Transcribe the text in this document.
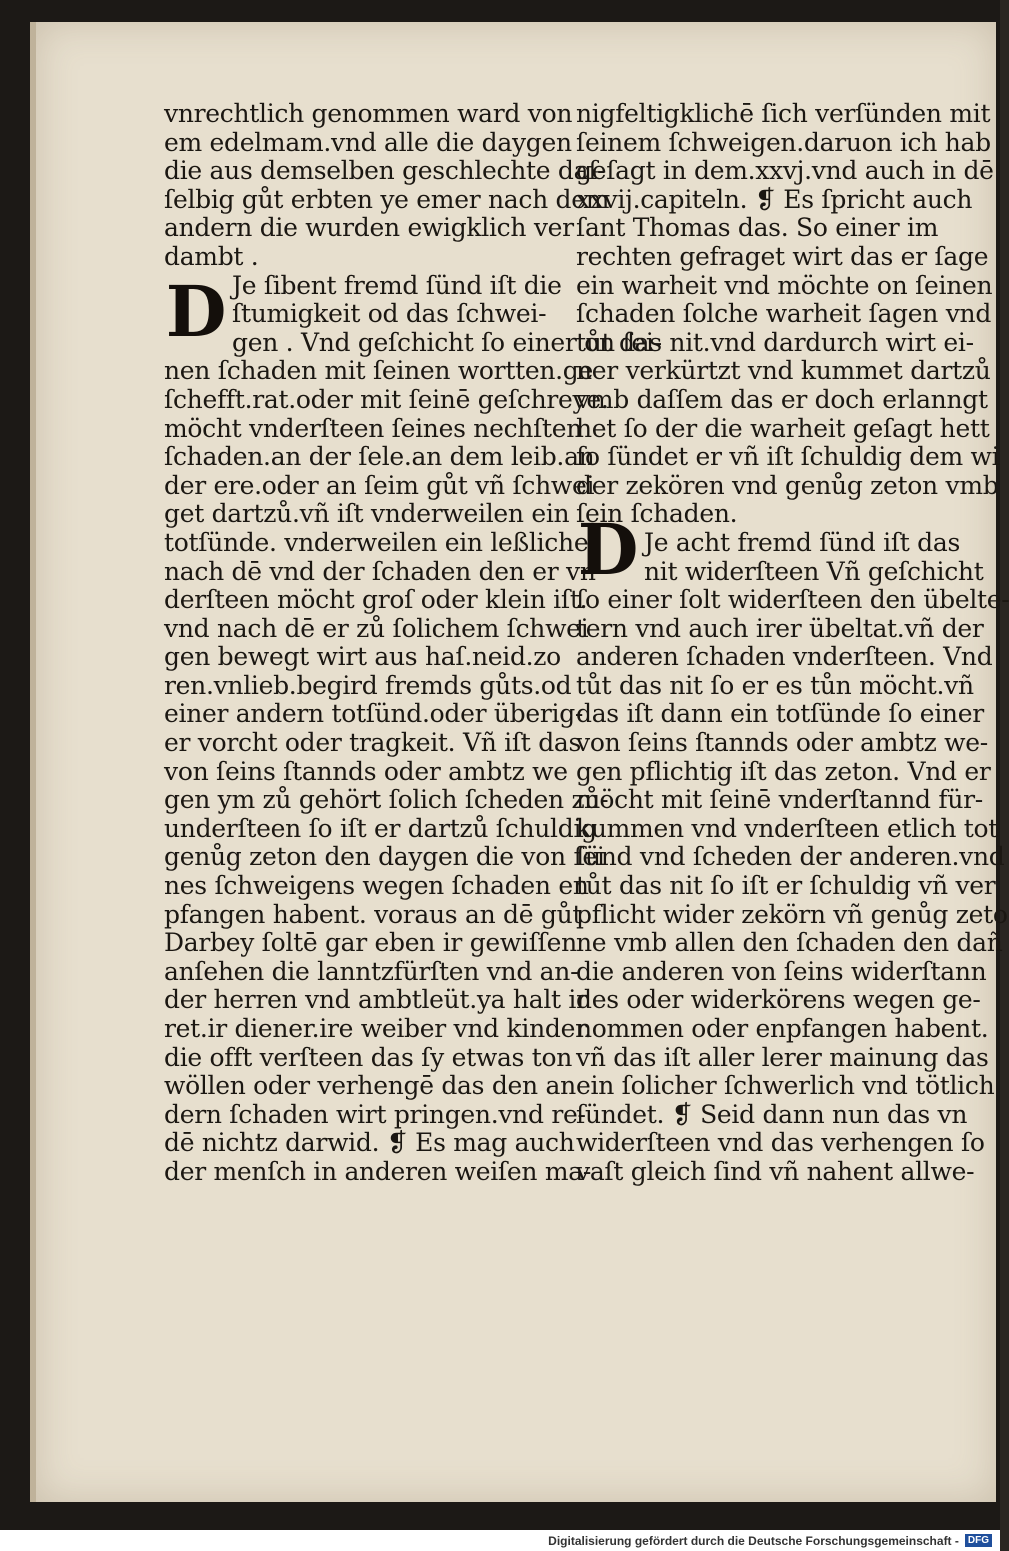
vnrechtlich genommen ward von
em edelmam.vnd alle die daygen
die aus demselben geschlechte daſ-
ſelbig gůt erbten ye emer nach dem
andern die wurden ewigklich ver
dambt .
D Je ſibent fremd ſünd iſt die
ſtumigkeit od das ſchwei-
gen . Vnd geſchicht ſo einer on ſei-
nen ſchaden mit ſeinen wortten.ge
ſchefft.rat.oder mit ſeinē geſchreye.
möcht vnderſteen ſeines nechſten
ſchaden.an der ſele.an dem leib.an
der ere.oder an ſeim gůt vñ ſchwei
get dartzů.vñ iſt vnderweilen ein
totſünde. vnderweilen ein leßliche
nach dē vnd der ſchaden den er vn
derſteen möcht groſ oder klein iſt.
vnd nach dē er zů ſolichem ſchwei
gen bewegt wirt aus haſ.neid.zo
ren.vnlieb.begird fremds gůts.od
einer andern totſünd.oder überig-
er vorcht oder tragkeit. Vñ iſt das
von ſeins ſtannds oder ambtz we
gen ym zů gehört ſolich ſcheden zů-
underſteen ſo iſt er dartzů ſchuldig
genůg zeton den daygen die von ſei
nes ſchweigens wegen ſchaden en
pfangen habent. voraus an dē gůt
Darbey ſoltē gar eben ir gewiſſen
anſehen die lanntzfürſten vnd an-
der herren vnd ambtleüt.ya halt ir
ret.ir diener.ire weiber vnd kinder.
die offt verſteen das ſy etwas ton
wöllen oder verhengē das den an
dern ſchaden wirt pringen.vnd re-
dē nichtz darwid. ❡ Es mag auch
der menſch in anderen weiſen ma-
nigfeltigklichē ſich verſünden mit
ſeinem ſchweigen.daruon ich hab
geſagt in dem.xxvj.vnd auch in dē
xxvij.capiteln. ❡ Es ſpricht auch
ſant Thomas das. So einer im
rechten gefraget wirt das er ſage
ein warheit vnd möchte on ſeinen
ſchaden ſolche warheit ſagen vnd
tůt das nit.vnd dardurch wirt ei-
ner verkürtzt vnd kummet dartzů
vmb daſſem das er doch erlanngt
het ſo der die warheit geſagt hett
ſo ſündet er vñ iſt ſchuldig dem wi
der zekören vnd genůg zeton vmb
ſein ſchaden.
D Je acht fremd ſünd iſt das
nit widerſteen Vñ geſchicht
ſo einer ſolt widerſteen den übelte-
tern vnd auch irer übeltat.vñ der
anderen ſchaden vnderſteen. Vnd
tůt das nit ſo er es tůn möcht.vñ
das iſt dann ein totſünde ſo einer
von ſeins ſtannds oder ambtz we-
gen pflichtig iſt das zeton. Vnd er
möcht mit ſeinē vnderſtannd für-
kummen vnd vnderſteen etlich tot
ſünd vnd ſcheden der anderen.vnd
tůt das nit ſo iſt er ſchuldig vñ ver
pflicht wider zekörn vñ genůg zeto
ne vmb allen den ſchaden den dañ
die anderen von ſeins widerſtann
des oder widerkörens wegen ge-
nommen oder enpfangen habent.
vñ das iſt aller lerer mainung das
ein ſolicher ſchwerlich vnd tötlich
ſündet. ❡ Seid dann nun das vn
widerſteen vnd das verhengen ſo
vaſt gleich ſind vñ nahent allwe-
Digitalisierung gefördert durch die Deutsche Forschungsgemeinschaft - DFG
